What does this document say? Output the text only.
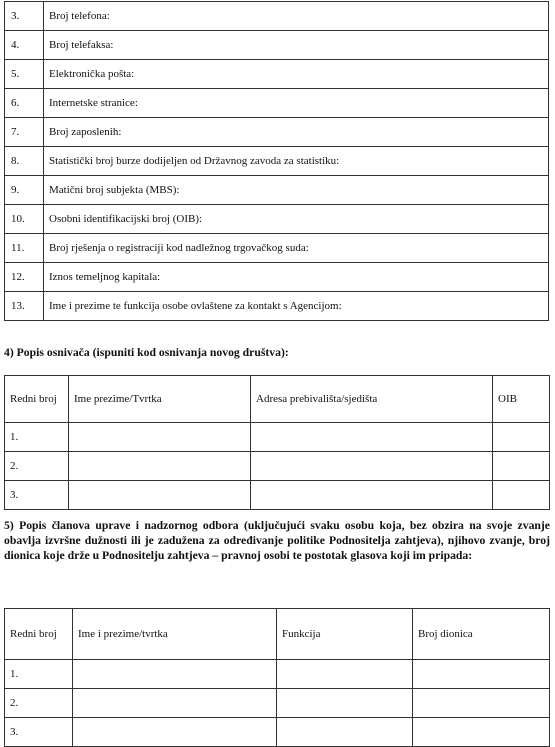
3.	Broj telefona:
4.	Broj telefaksa:
5.	Elektronička pošta:
6.	Internetske stranice:
7.	Broj zaposlenih:
8.	Statistički broj burze dodijeljen od Državnog zavoda za statistiku:
9.	Matični broj subjekta (MBS):
10.	Osobni identifikacijski broj (OIB):
11.	Broj rješenja o registraciji kod nadležnog trgovačkog suda:
12.	Iznos temeljnog kapitala:
13.	Ime i prezime te funkcija osobe ovlaštene za kontakt s Agencijom:

4) Popis osnivača (ispuniti kod osnivanja novog društva):

Redni broj	Ime prezime/Tvrtka	Adresa prebivališta/sjedišta	OIB
1.			
2.			
3.			

5) Popis članova uprave i nadzornog odbora (uključujući svaku osobu koja, bez obzira na svoje zvanje obavlja izvršne dužnosti ili je zadužena za određivanje politike Podnositelja zahtjeva), njihovo zvanje, broj dionica koje drže u Podnositelju zahtjeva – pravnoj osobi te postotak glasova koji im pripada:

Redni broj	Ime i prezime/tvrtka	Funkcija	Broj dionica
1.			
2.			
3.			
